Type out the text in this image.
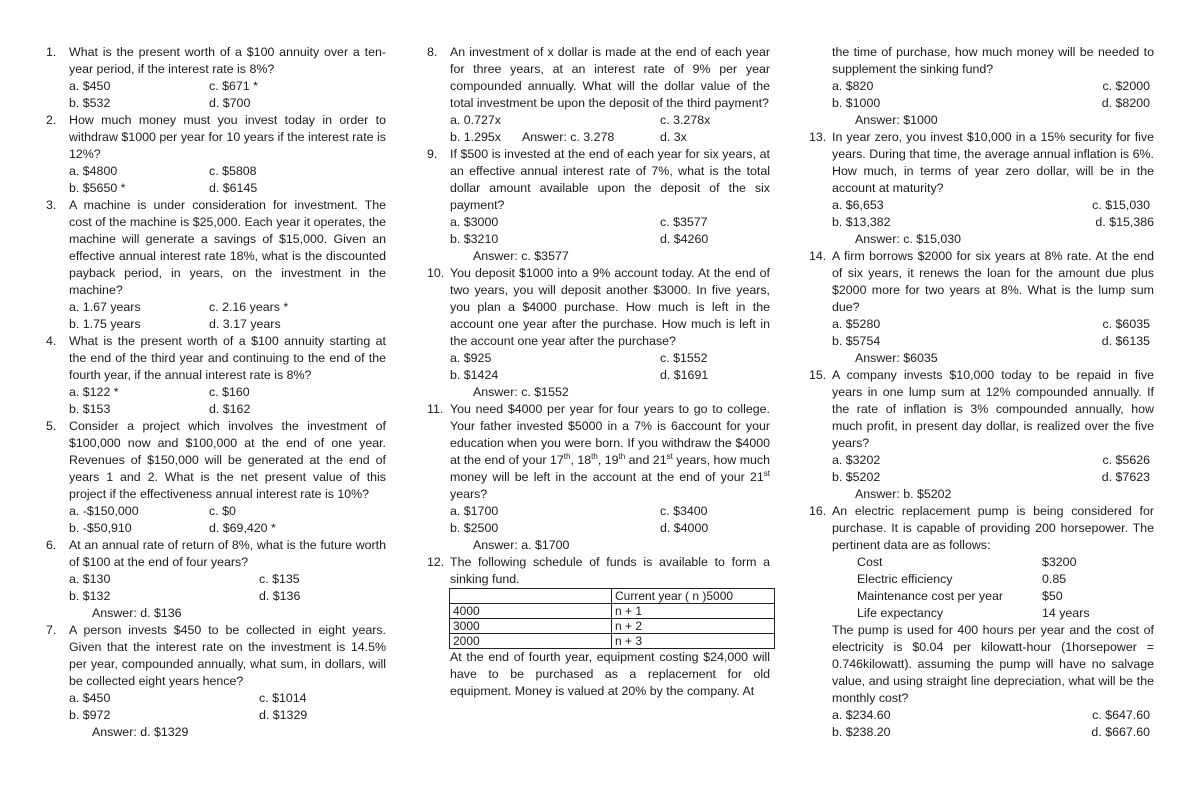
1. What is the present worth of a $100 annuity over a ten-year period, if the interest rate is 8%?
a. $450	c. $671 *
b. $532	d. $700
2. How much money must you invest today in order to withdraw $1000 per year for 10 years if the interest rate is 12%?
a. $4800	c. $5808
b. $5650 *	d. $6145
3. A machine is under consideration for investment. The cost of the machine is $25,000. Each year it operates, the machine will generate a savings of $15,000. Given an effective annual interest rate 18%, what is the discounted payback period, in years, on the investment in the machine?
a. 1.67 years	c. 2.16 years *
b. 1.75 years	d. 3.17 years
4. What is the present worth of a $100 annuity starting at the end of the third year and continuing to the end of the fourth year, if the annual interest rate is 8%?
a. $122 *	c. $160
b. $153	d. $162
5. Consider a project which involves the investment of $100,000 now and $100,000 at the end of one year. Revenues of $150,000 will be generated at the end of years 1 and 2. What is the net present value of this project if the effectiveness annual interest rate is 10%?
a. -$150,000	c. $0
b. -$50,910	d. $69,420 *
6. At an annual rate of return of 8%, what is the future worth of $100 at the end of four years?
a. $130	c. $135
b. $132	d. $136
Answer: d. $136
7. A person invests $450 to be collected in eight years. Given that the interest rate on the investment is 14.5% per year, compounded annually, what sum, in dollars, will be collected eight years hence?
a. $450	c. $1014
b. $972	d. $1329
Answer: d. $1329
8. An investment of x dollar is made at the end of each year for three years, at an interest rate of 9% per year compounded annually. What will the dollar value of the total investment be upon the deposit of the third payment?
a. 0.727x	c. 3.278x
b. 1.295x	d. 3x
Answer: c. 3.278
9. If $500 is invested at the end of each year for six years, at an effective annual interest rate of 7%, what is the total dollar amount available upon the deposit of the six payment?
a. $3000	c. $3577
b. $3210	d. $4260
Answer: c. $3577
10. You deposit $1000 into a 9% account today. At the end of two years, you will deposit another $3000. In five years, you plan a $4000 purchase. How much is left in the account one year after the purchase. How much is left in the account one year after the purchase?
a. $925	c. $1552
b. $1424	d. $1691
Answer: c. $1552
11. You need $4000 per year for four years to go to college. Your father invested $5000 in a 7% is 6account for your education when you were born. If you withdraw the $4000 at the end of your 17th, 18th, 19th and 21st years, how much money will be left in the account at the end of your 21st years?
a. $1700	c. $3400
b. $2500	d. $4000
Answer: a. $1700
12. The following schedule of funds is available to form a sinking fund.
	Current year ( n )5000
4000	n + 1
3000	n + 2
2000	n + 3
At the end of fourth year, equipment costing $24,000 will have to be purchased as a replacement for old equipment. Money is valued at 20% by the company. At
the time of purchase, how much money will be needed to supplement the sinking fund?
a. $820	c. $2000
b. $1000	d. $8200
Answer: $1000
13. In year zero, you invest $10,000 in a 15% security for five years. During that time, the average annual inflation is 6%. How much, in terms of year zero dollar, will be in the account at maturity?
a. $6,653	c. $15,030
b. $13,382	d. $15,386
Answer: c. $15,030
14. A firm borrows $2000 for six years at 8% rate. At the end of six years, it renews the loan for the amount due plus $2000 more for two years at 8%. What is the lump sum due?
a. $5280	c. $6035
b. $5754	d. $6135
Answer: $6035
15. A company invests $10,000 today to be repaid in five years in one lump sum at 12% compounded annually. If the rate of inflation is 3% compounded annually, how much profit, in present day dollar, is realized over the five years?
a. $3202	c. $5626
b. $5202	d. $7623
Answer: b. $5202
16. An electric replacement pump is being considered for purchase. It is capable of providing 200 horsepower. The pertinent data are as follows:
Cost	$3200
Electric efficiency	0.85
Maintenance cost per year	$50
Life expectancy	14 years
The pump is used for 400 hours per year and the cost of electricity is $0.04 per kilowatt-hour (1horsepower = 0.746kilowatt). assuming the pump will have no salvage value, and using straight line depreciation, what will be the monthly cost?
a. $234.60	c. $647.60
b. $238.20	d. $667.60
